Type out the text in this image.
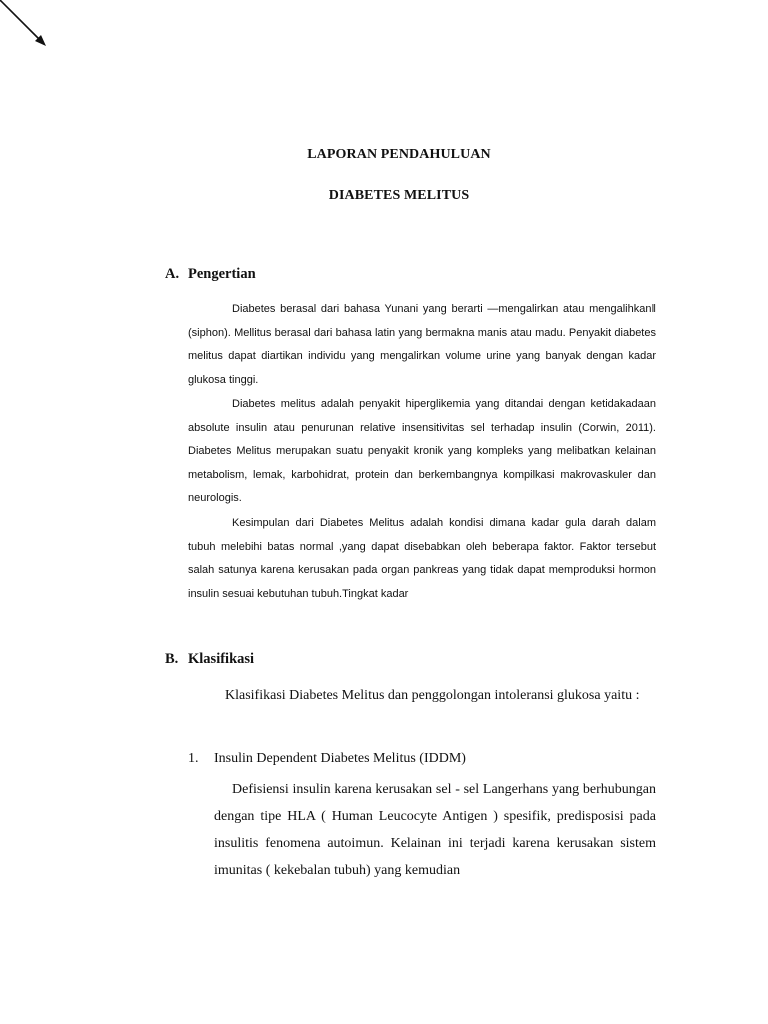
LAPORAN PENDAHULUAN
DIABETES MELITUS
A. Pengertian

Diabetes berasal dari bahasa Yunani yang berarti ―mengalirkan atau mengalihkan‖ (siphon). Mellitus berasal dari bahasa latin yang bermakna manis atau madu. Penyakit diabetes melitus dapat diartikan individu yang mengalirkan volume urine yang banyak dengan kadar glukosa tinggi.

Diabetes melitus adalah penyakit hiperglikemia yang ditandai dengan ketidakadaan absolute insulin atau penurunan relative insensitivitas sel terhadap insulin (Corwin, 2011). Diabetes Melitus merupakan suatu penyakit kronik yang kompleks yang melibatkan kelainan metabolism, lemak, karbohidrat, protein dan berkembangnya kompilkasi makrovaskuler dan neurologis.

Kesimpulan dari Diabetes Melitus adalah kondisi dimana kadar gula darah dalam tubuh melebihi batas normal ,yang dapat disebabkan oleh beberapa faktor. Faktor tersebut salah satunya karena kerusakan pada organ pankreas yang tidak dapat memproduksi hormon insulin sesuai kebutuhan tubuh.Tingkat kadar

B. Klasifikasi

Klasifikasi Diabetes Melitus dan penggolongan intoleransi glukosa yaitu :

1. Insulin Dependent Diabetes Melitus (IDDM)

Defisiensi insulin karena kerusakan sel - sel Langerhans yang berhubungan dengan tipe HLA ( Human Leucocyte Antigen ) spesifik, predisposisi pada insulitis fenomena autoimun. Kelainan ini terjadi karena kerusakan sistem imunitas ( kekebalan tubuh) yang kemudian
